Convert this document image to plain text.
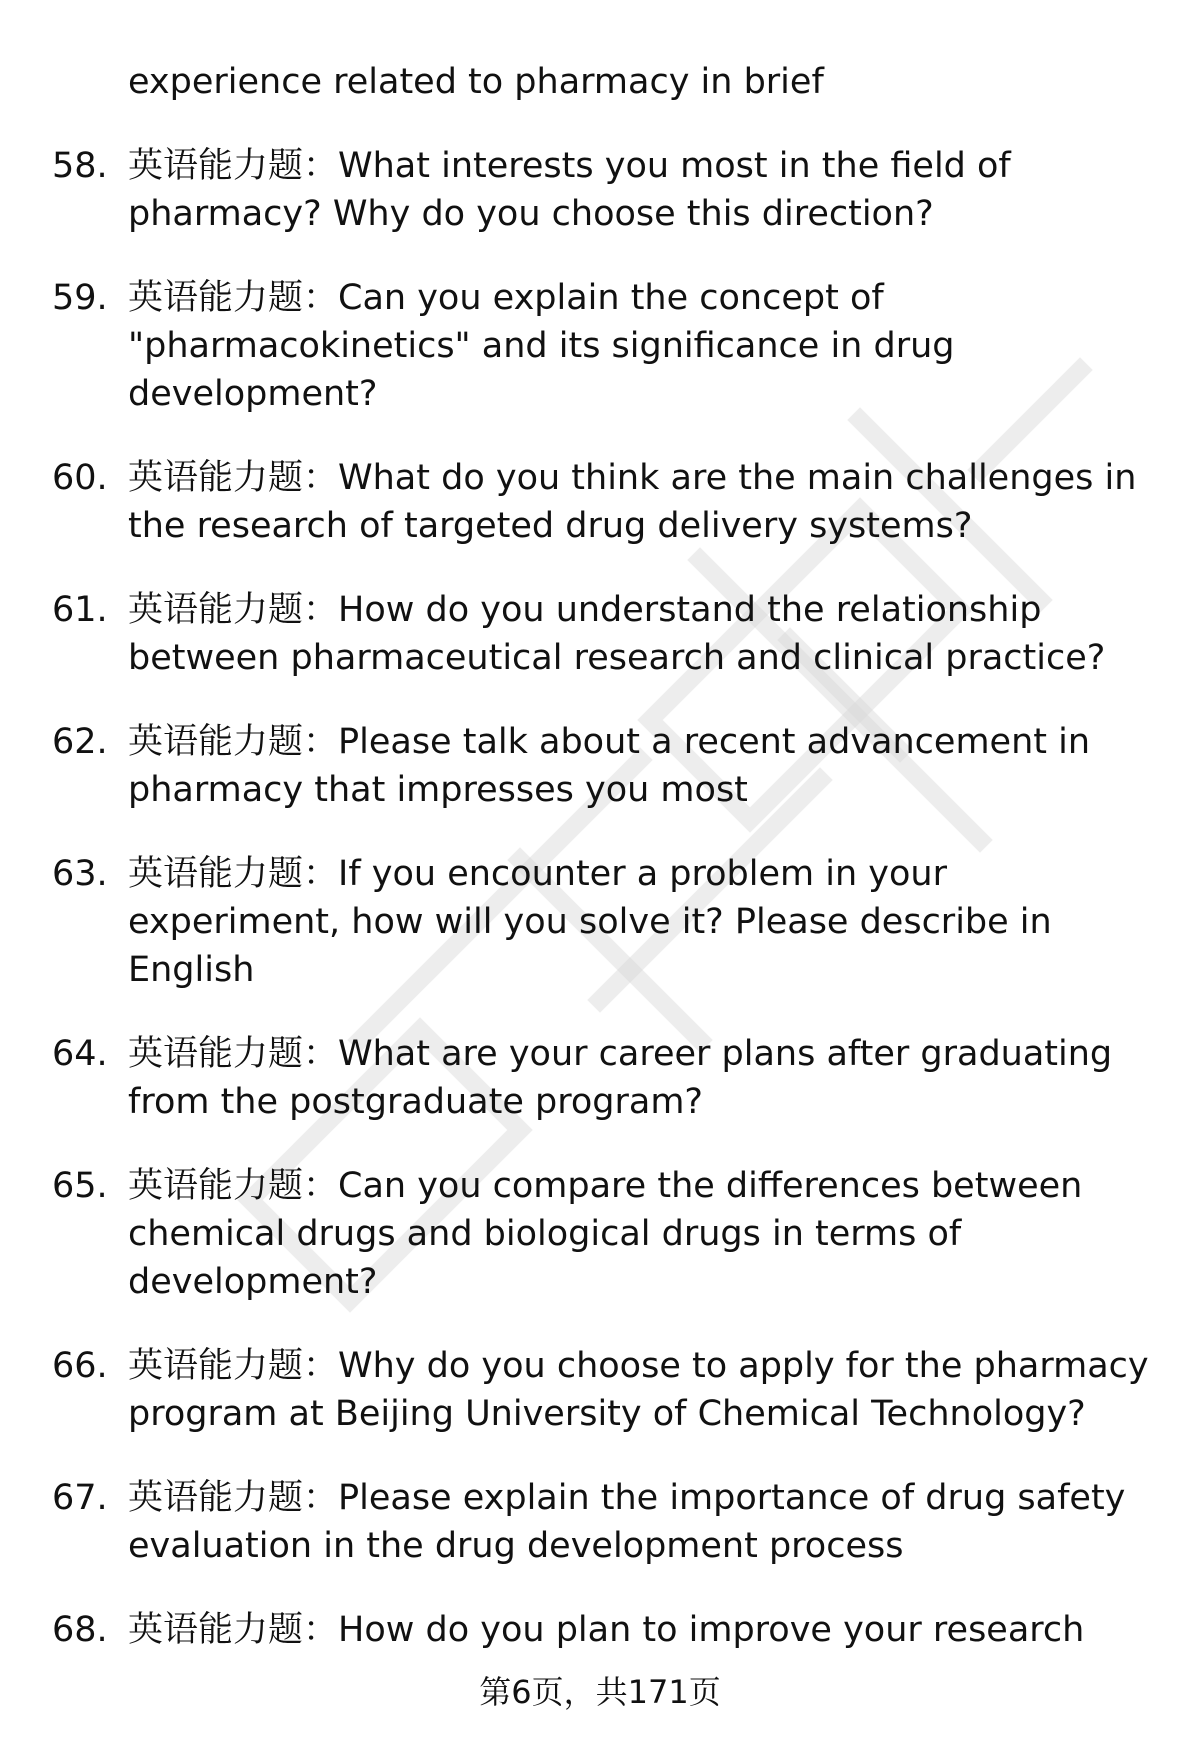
experience related to pharmacy in brief
58. 英语能力题：What interests you most in the field of pharmacy? Why do you choose this direction?
59. 英语能力题：Can you explain the concept of "pharmacokinetics" and its significance in drug development?
60. 英语能力题：What do you think are the main challenges in the research of targeted drug delivery systems?
61. 英语能力题：How do you understand the relationship between pharmaceutical research and clinical practice?
62. 英语能力题：Please talk about a recent advancement in pharmacy that impresses you most
63. 英语能力题：If you encounter a problem in your experiment, how will you solve it? Please describe in English
64. 英语能力题：What are your career plans after graduating from the postgraduate program?
65. 英语能力题：Can you compare the differences between chemical drugs and biological drugs in terms of development?
66. 英语能力题：Why do you choose to apply for the pharmacy program at Beijing University of Chemical Technology?
67. 英语能力题：Please explain the importance of drug safety evaluation in the drug development process
68. 英语能力题：How do you plan to improve your research
第6页，共171页
